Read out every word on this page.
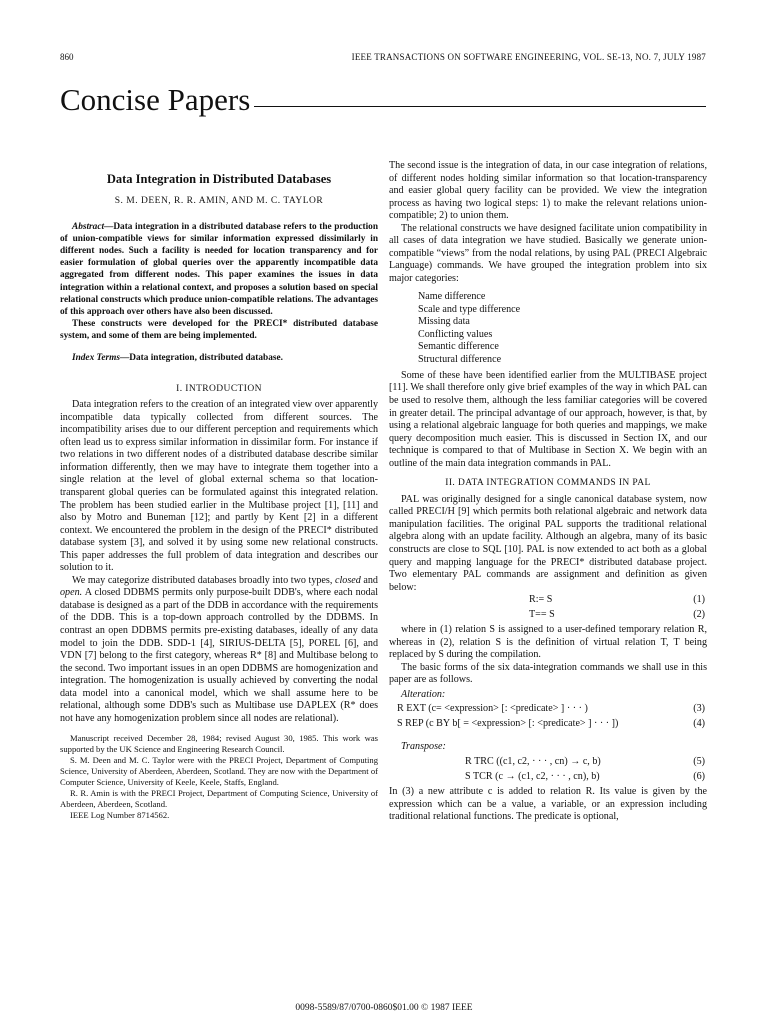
860	IEEE TRANSACTIONS ON SOFTWARE ENGINEERING, VOL. SE-13, NO. 7, JULY 1987
Concise Papers

Data Integration in Distributed Databases

S. M. DEEN, R. R. AMIN, AND M. C. TAYLOR

Abstract—Data integration in a distributed database refers to the production of union-compatible views for similar information expressed dissimilarly in different nodes. Such a facility is needed for location transparency and for easier formulation of global queries over the apparently incompatible data aggregated from different nodes. This paper examines the issues in data integration within a relational context, and proposes a solution based on special relational constructs which produce union-compatible relations. The advantages of this approach over others have also been discussed.

These constructs were developed for the PRECI* distributed database system, and some of them are being implemented.

Index Terms—Data integration, distributed database.

I. INTRODUCTION

Data integration refers to the creation of an integrated view over apparently incompatible data typically collected from different sources. The incompatibility arises due to our different perception and requirements which often lead us to express similar information in dissimilar form. For instance if two relations in two different nodes of a distributed database describe similar information differently, then we may have to integrate them together into a single relation at the level of global external schema so that location-transparent global queries can be formulated against this integrated relation. The problem has been studied earlier in the Multibase project [1], [11] and also by Motro and Buneman [12]; and partly by Kent [2] in a different context. We encountered the problem in the design of the PRECI* distributed database system [3], and solved it by using some new relational constructs. This paper addresses the full problem of data integration and describes our solution to it.

We may categorize distributed databases broadly into two types, closed and open. A closed DDBMS permits only purpose-built DDB's, where each nodal database is designed as a part of the DDB in accordance with the requirements of the DDB. This is a top-down approach controlled by the DDBMS. In contrast an open DDBMS permits pre-existing databases, ideally of any data model to join the DDB. SDD-1 [4], SIRIUS-DELTA [5], POREL [6], and VDN [7] belong to the first category, whereas R* [8] and Multibase belong to the second. Two important issues in an open DDBMS are homogenization and integration. The homogenization is usually achieved by converting the nodal data model into a canonical model, which we shall assume here to be relational, although some DDB's such as Multibase use DAPLEX (R* does not have any homogenization problem since all nodes are relational).

Manuscript received December 28, 1984; revised August 30, 1985. This work was supported by the UK Science and Engineering Research Council.

S. M. Deen and M. C. Taylor were with the PRECI Project, Department of Computing Science, University of Aberdeen, Aberdeen, Scotland. They are now with the Department of Computer Science, University of Keele, Keele, Staffs, England.

R. R. Amin is with the PRECI Project, Department of Computing Science, University of Aberdeen, Aberdeen, Scotland.

IEEE Log Number 8714562.

The second issue is the integration of data, in our case integration of relations, of different nodes holding similar information so that location-transparency and easier global query facility can be provided. We view the integration process as having two logical steps: 1) to make the relevant relations union-compatible; 2) to union them.

The relational constructs we have designed facilitate union compatibility in all cases of data integration we have studied. Basically we generate union-compatible “views” from the nodal relations, by using PAL (PRECI Algebraic Language) commands. We have grouped the integration problem into six major categories:

Name difference
Scale and type difference
Missing data
Conflicting values
Semantic difference
Structural difference

Some of these have been identified earlier from the MULTIBASE project [11]. We shall therefore only give brief examples of the way in which PAL can be used to resolve them, although the less familiar categories will be covered in greater detail. The principal advantage of our approach, however, is that, by using a relational algebraic language for both queries and mappings, we make query decomposition much easier. This is discussed in Section IX, and our technique is compared to that of Multibase in Section X. We begin with an outline of the main data integration commands in PAL.

II. DATA INTEGRATION COMMANDS IN PAL

PAL was originally designed for a single canonical database system, now called PRECI/H [9] which permits both relational algebraic and network data manipulation facilities. The original PAL supports the traditional relational algebra along with an update facility. Although an algebra, many of its basic constructs are close to SQL [10]. PAL is now extended to act both as a global query and mapping language for the PRECI* distributed database project. Two elementary PAL commands are assignment and definition as given below:

R:= S	(1)
T== S	(2)

where in (1) relation S is assigned to a user-defined temporary relation R, whereas in (2), relation S is the definition of virtual relation T, T being replaced by S during the compilation.

The basic forms of the six data-integration commands we shall use in this paper are as follows.

Alteration:

R EXT (c= <expression> [: <predicate> ] · · · )	(3)
S REP (c BY b[ = <expression> [: <predicate> ] · · · ])	(4)

Transpose:

R TRC ((c1, c2, · · · , cn) → c, b)	(5)
S TCR (c → (c1, c2, · · · , cn), b)	(6)

In (3) a new attribute c is added to relation R. Its value is given by the expression which can be a value, a variable, or an expression including traditional relational functions. The predicate is optional,

0098-5589/87/0700-0860$01.00 © 1987 IEEE
